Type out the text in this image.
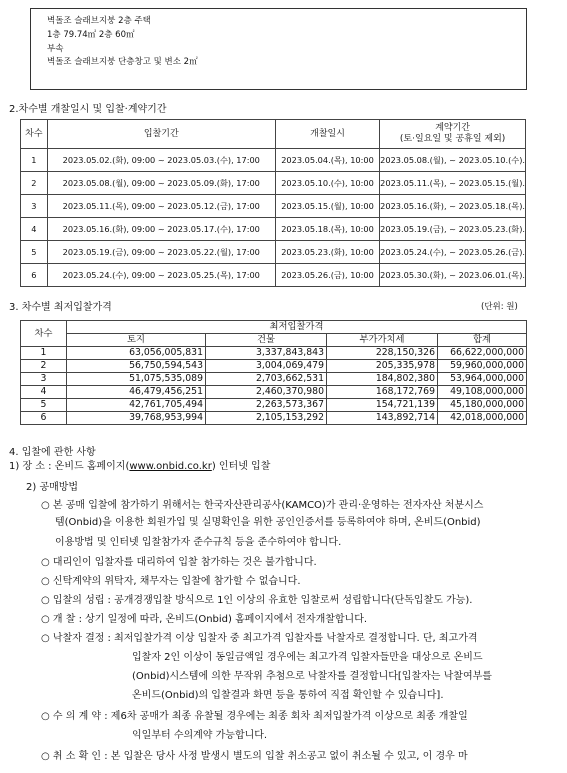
벽돌조 슬래브지붕 2층 주택
1층 79.74㎡ 2층 60㎡
부속
벽돌조 슬래브지붕 단층창고 및 변소 2㎡
2.차수별 개찰일시 및 입찰·계약기간
차수	입찰기간	개찰일시	계약기간
(토·일요일 및 공휴일 제외)

1	2023.05.02.(화), 09:00 ~ 2023.05.03.(수), 17:00	2023.05.04.(목), 10:00	2023.05.08.(월), ~ 2023.05.10.(수).
2	2023.05.08.(월), 09:00 ~ 2023.05.09.(화), 17:00	2023.05.10.(수), 10:00	2023.05.11.(목), ~ 2023.05.15.(월).
3	2023.05.11.(목), 09:00 ~ 2023.05.12.(금), 17:00	2023.05.15.(월), 10:00	2023.05.16.(화), ~ 2023.05.18.(목).
4	2023.05.16.(화), 09:00 ~ 2023.05.17.(수), 17:00	2023.05.18.(목), 10:00	2023.05.19.(금), ~ 2023.05.23.(화).
5	2023.05.19.(금), 09:00 ~ 2023.05.22.(월), 17:00	2023.05.23.(화), 10:00	2023.05.24.(수), ~ 2023.05.26.(금).
6	2023.05.24.(수), 09:00 ~ 2023.05.25.(목), 17:00	2023.05.26.(금), 10:00	2023.05.30.(화), ~ 2023.06.01.(목).
3. 차수별 최저입찰가격	(단위: 원)
차수	최저입찰가격			
	토지	건물	부가가치세	합계
1	63,056,005,831	3,337,843,843	228,150,326	66,622,000,000
2	56,750,594,543	3,004,069,479	205,335,978	59,960,000,000
3	51,075,535,089	2,703,662,531	184,802,380	53,964,000,000
4	46,479,456,251	2,460,370,980	168,172,769	49,108,000,000
5	42,761,705,494	2,263,573,367	154,721,139	45,180,000,000
6	39,768,953,994	2,105,153,292	143,892,714	42,018,000,000
4. 입찰에 관한 사항
1) 장 소 : 온비드 홈페이지(www.onbid.co.kr) 인터넷 입찰
2) 공매방법
○ 본 공매 입찰에 참가하기 위해서는 한국자산관리공사(KAMCO)가 관리·운영하는 전자자산 처분시스
템(Onbid)을 이용한 회원가입 및 실명확인을 위한 공인인증서를 등록하여야 하며, 온비드(Onbid)
이용방법 및 인터넷 입찰참가자 준수규칙 등을 준수하여야 합니다.
○ 대리인이 입찰자를 대리하여 입찰 참가하는 것은 불가합니다.
○ 신탁계약의 위탁자, 채무자는 입찰에 참가할 수 없습니다.
○ 입찰의 성립 : 공개경쟁입찰 방식으로 1인 이상의 유효한 입찰로써 성립합니다(단독입찰도 가능).
○ 개 찰 : 상기 일정에 따라, 온비드(Onbid) 홈페이지에서 전자개찰합니다.
○ 낙찰자 결정 : 최저입찰가격 이상 입찰자 중 최고가격 입찰자를 낙찰자로 결정합니다. 단, 최고가격
입찰자 2인 이상이 동일금액일 경우에는 최고가격 입찰자들만을 대상으로 온비드
(Onbid)시스템에 의한 무작위 추첨으로 낙찰자를 결정합니다[입찰자는 낙찰여부를
온비드(Onbid)의 입찰결과 화면 등을 통하여 직접 확인할 수 있습니다].
○ 수 의 계 약 : 제6차 공매가 최종 유찰될 경우에는 최종 회차 최저입찰가격 이상으로 최종 개찰일
익일부터 수의계약 가능합니다.
○ 취 소 확 인 : 본 입찰은 당사 사정 발생시 별도의 입찰 취소공고 없이 취소될 수 있고, 이 경우 마
